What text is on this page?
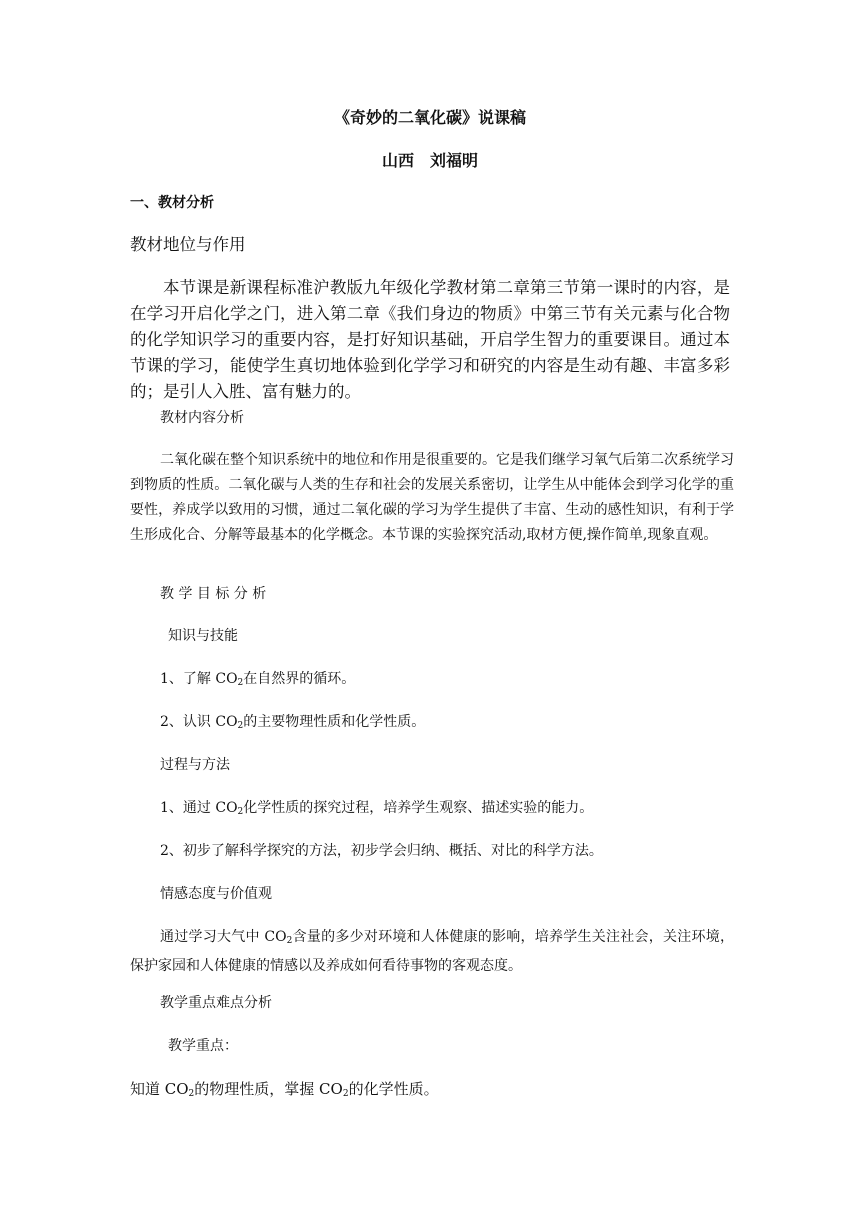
《奇妙的二氧化碳》说课稿

山西　刘福明

一、教材分析

教材地位与作用

本节课是新课程标准沪教版九年级化学教材第二章第三节第一课时的内容，是在学习开启化学之门，进入第二章《我们身边的物质》中第三节有关元素与化合物的化学知识学习的重要内容，是打好知识基础，开启学生智力的重要课目。通过本节课的学习，能使学生真切地体验到化学学习和研究的内容是生动有趣、丰富多彩的；是引人入胜、富有魅力的。

教材内容分析

二氧化碳在整个知识系统中的地位和作用是很重要的。它是我们继学习氧气后第二次系统学习到物质的性质。二氧化碳与人类的生存和社会的发展关系密切，让学生从中能体会到学习化学的重要性，养成学以致用的习惯，通过二氧化碳的学习为学生提供了丰富、生动的感性知识，有利于学生形成化合、分解等最基本的化学概念。本节课的实验探究活动,取材方便,操作简单,现象直观。

教 学 目 标 分 析

知识与技能

1、了解 $CO_2$在自然界的循环。

2、认识 $CO_2$的主要物理性质和化学性质。

过程与方法

1、通过 $CO_2$化学性质的探究过程，培养学生观察、描述实验的能力。

2、初步了解科学探究的方法，初步学会归纳、概括、对比的科学方法。

情感态度与价值观

通过学习大气中 $CO_2$含量的多少对环境和人体健康的影响，培养学生关注社会，关注环境，保护家园和人体健康的情感以及养成如何看待事物的客观态度。

教学重点难点分析

教学重点：

知道 $CO_2$的物理性质，掌握 $CO_2$的化学性质。
